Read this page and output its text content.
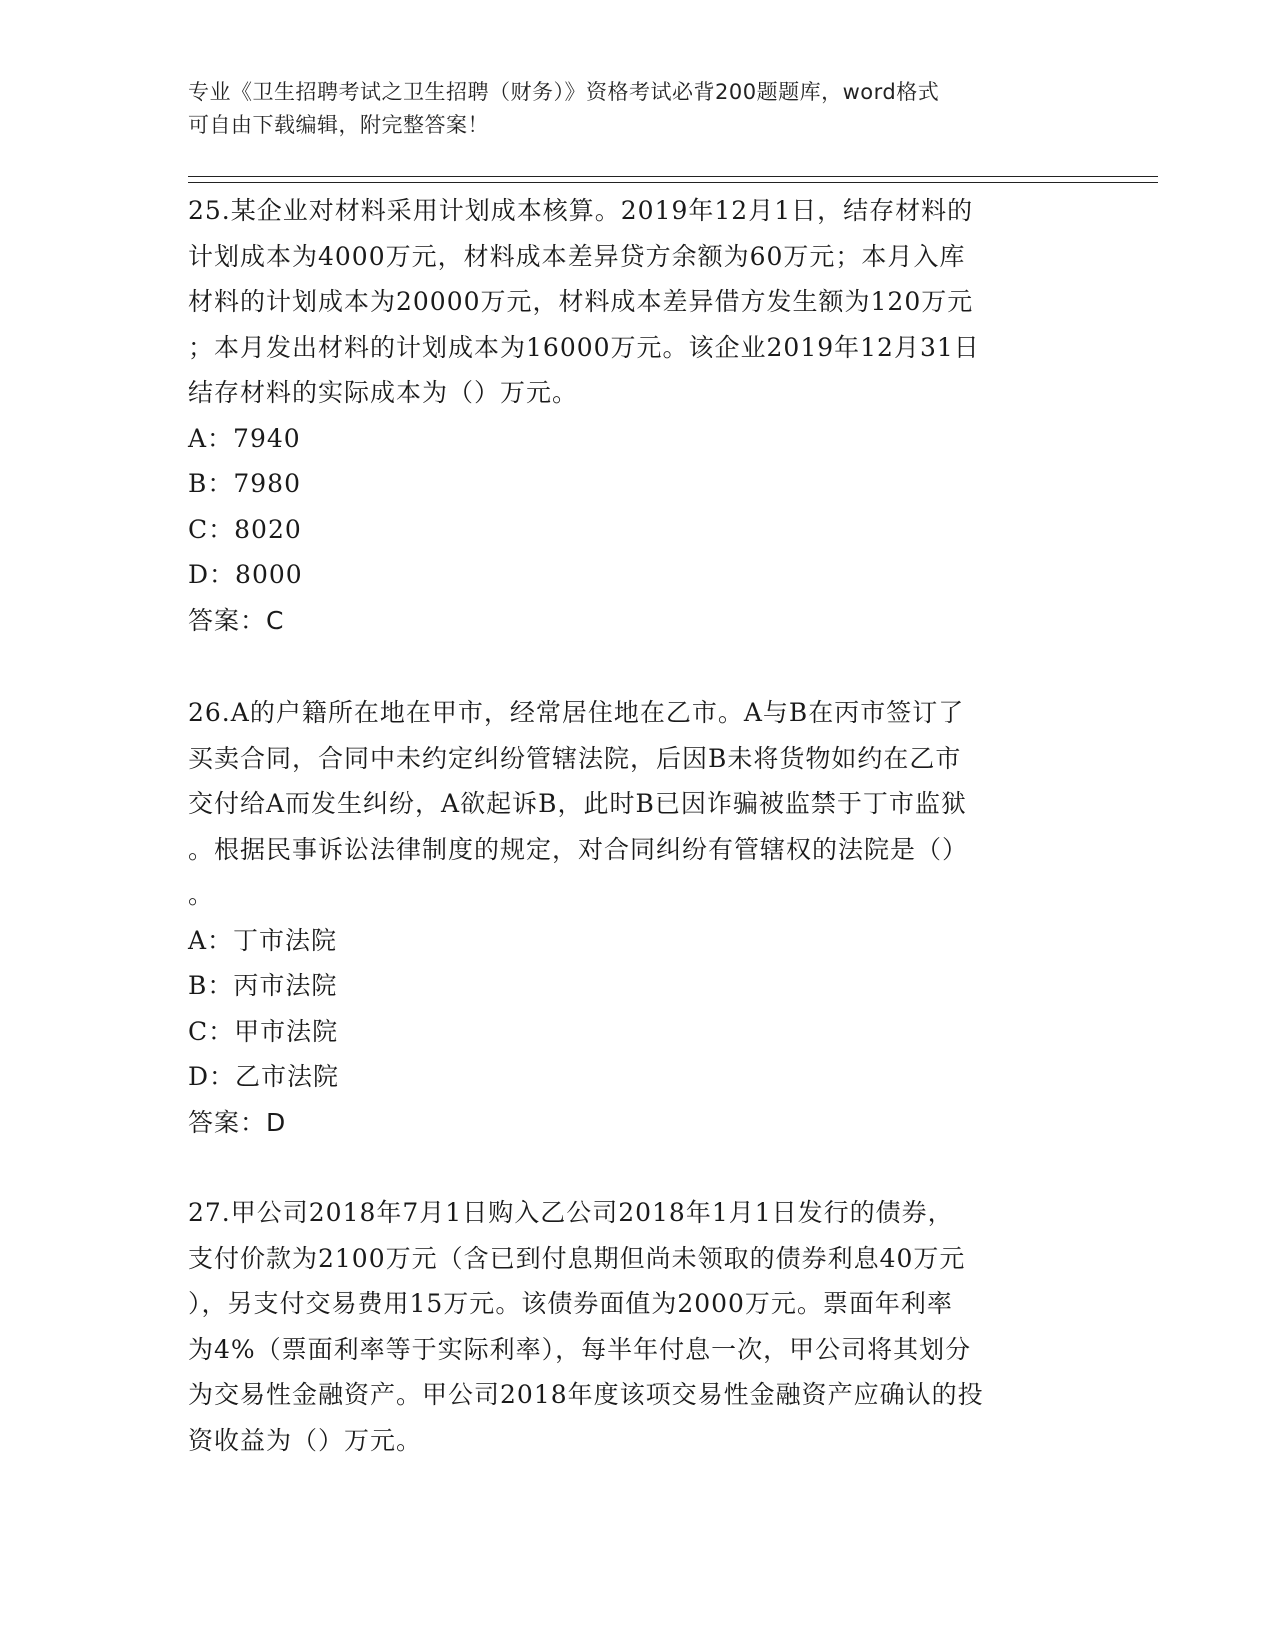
专业《卫生招聘考试之卫生招聘（财务）》资格考试必背200题题库，word格式
可自由下载编辑，附完整答案！
25.某企业对材料采用计划成本核算。2019年12月1日，结存材料的
计划成本为4000万元，材料成本差异贷方余额为60万元；本月入库
材料的计划成本为20000万元，材料成本差异借方发生额为120万元
；本月发出材料的计划成本为16000万元。该企业2019年12月31日
结存材料的实际成本为（）万元。
A：7940
B：7980
C：8020
D：8000
答案：C
26.A的户籍所在地在甲市，经常居住地在乙市。A与B在丙市签订了
买卖合同，合同中未约定纠纷管辖法院，后因B未将货物如约在乙市
交付给A而发生纠纷，A欲起诉B，此时B已因诈骗被监禁于丁市监狱
。根据民事诉讼法律制度的规定，对合同纠纷有管辖权的法院是（）
。
A：丁市法院
B：丙市法院
C：甲市法院
D：乙市法院
答案：D
27.甲公司2018年7月1日购入乙公司2018年1月1日发行的债券，
支付价款为2100万元（含已到付息期但尚未领取的债券利息40万元
），另支付交易费用15万元。该债券面值为2000万元。票面年利率
为4%（票面利率等于实际利率），每半年付息一次，甲公司将其划分
为交易性金融资产。甲公司2018年度该项交易性金融资产应确认的投
资收益为（）万元。
